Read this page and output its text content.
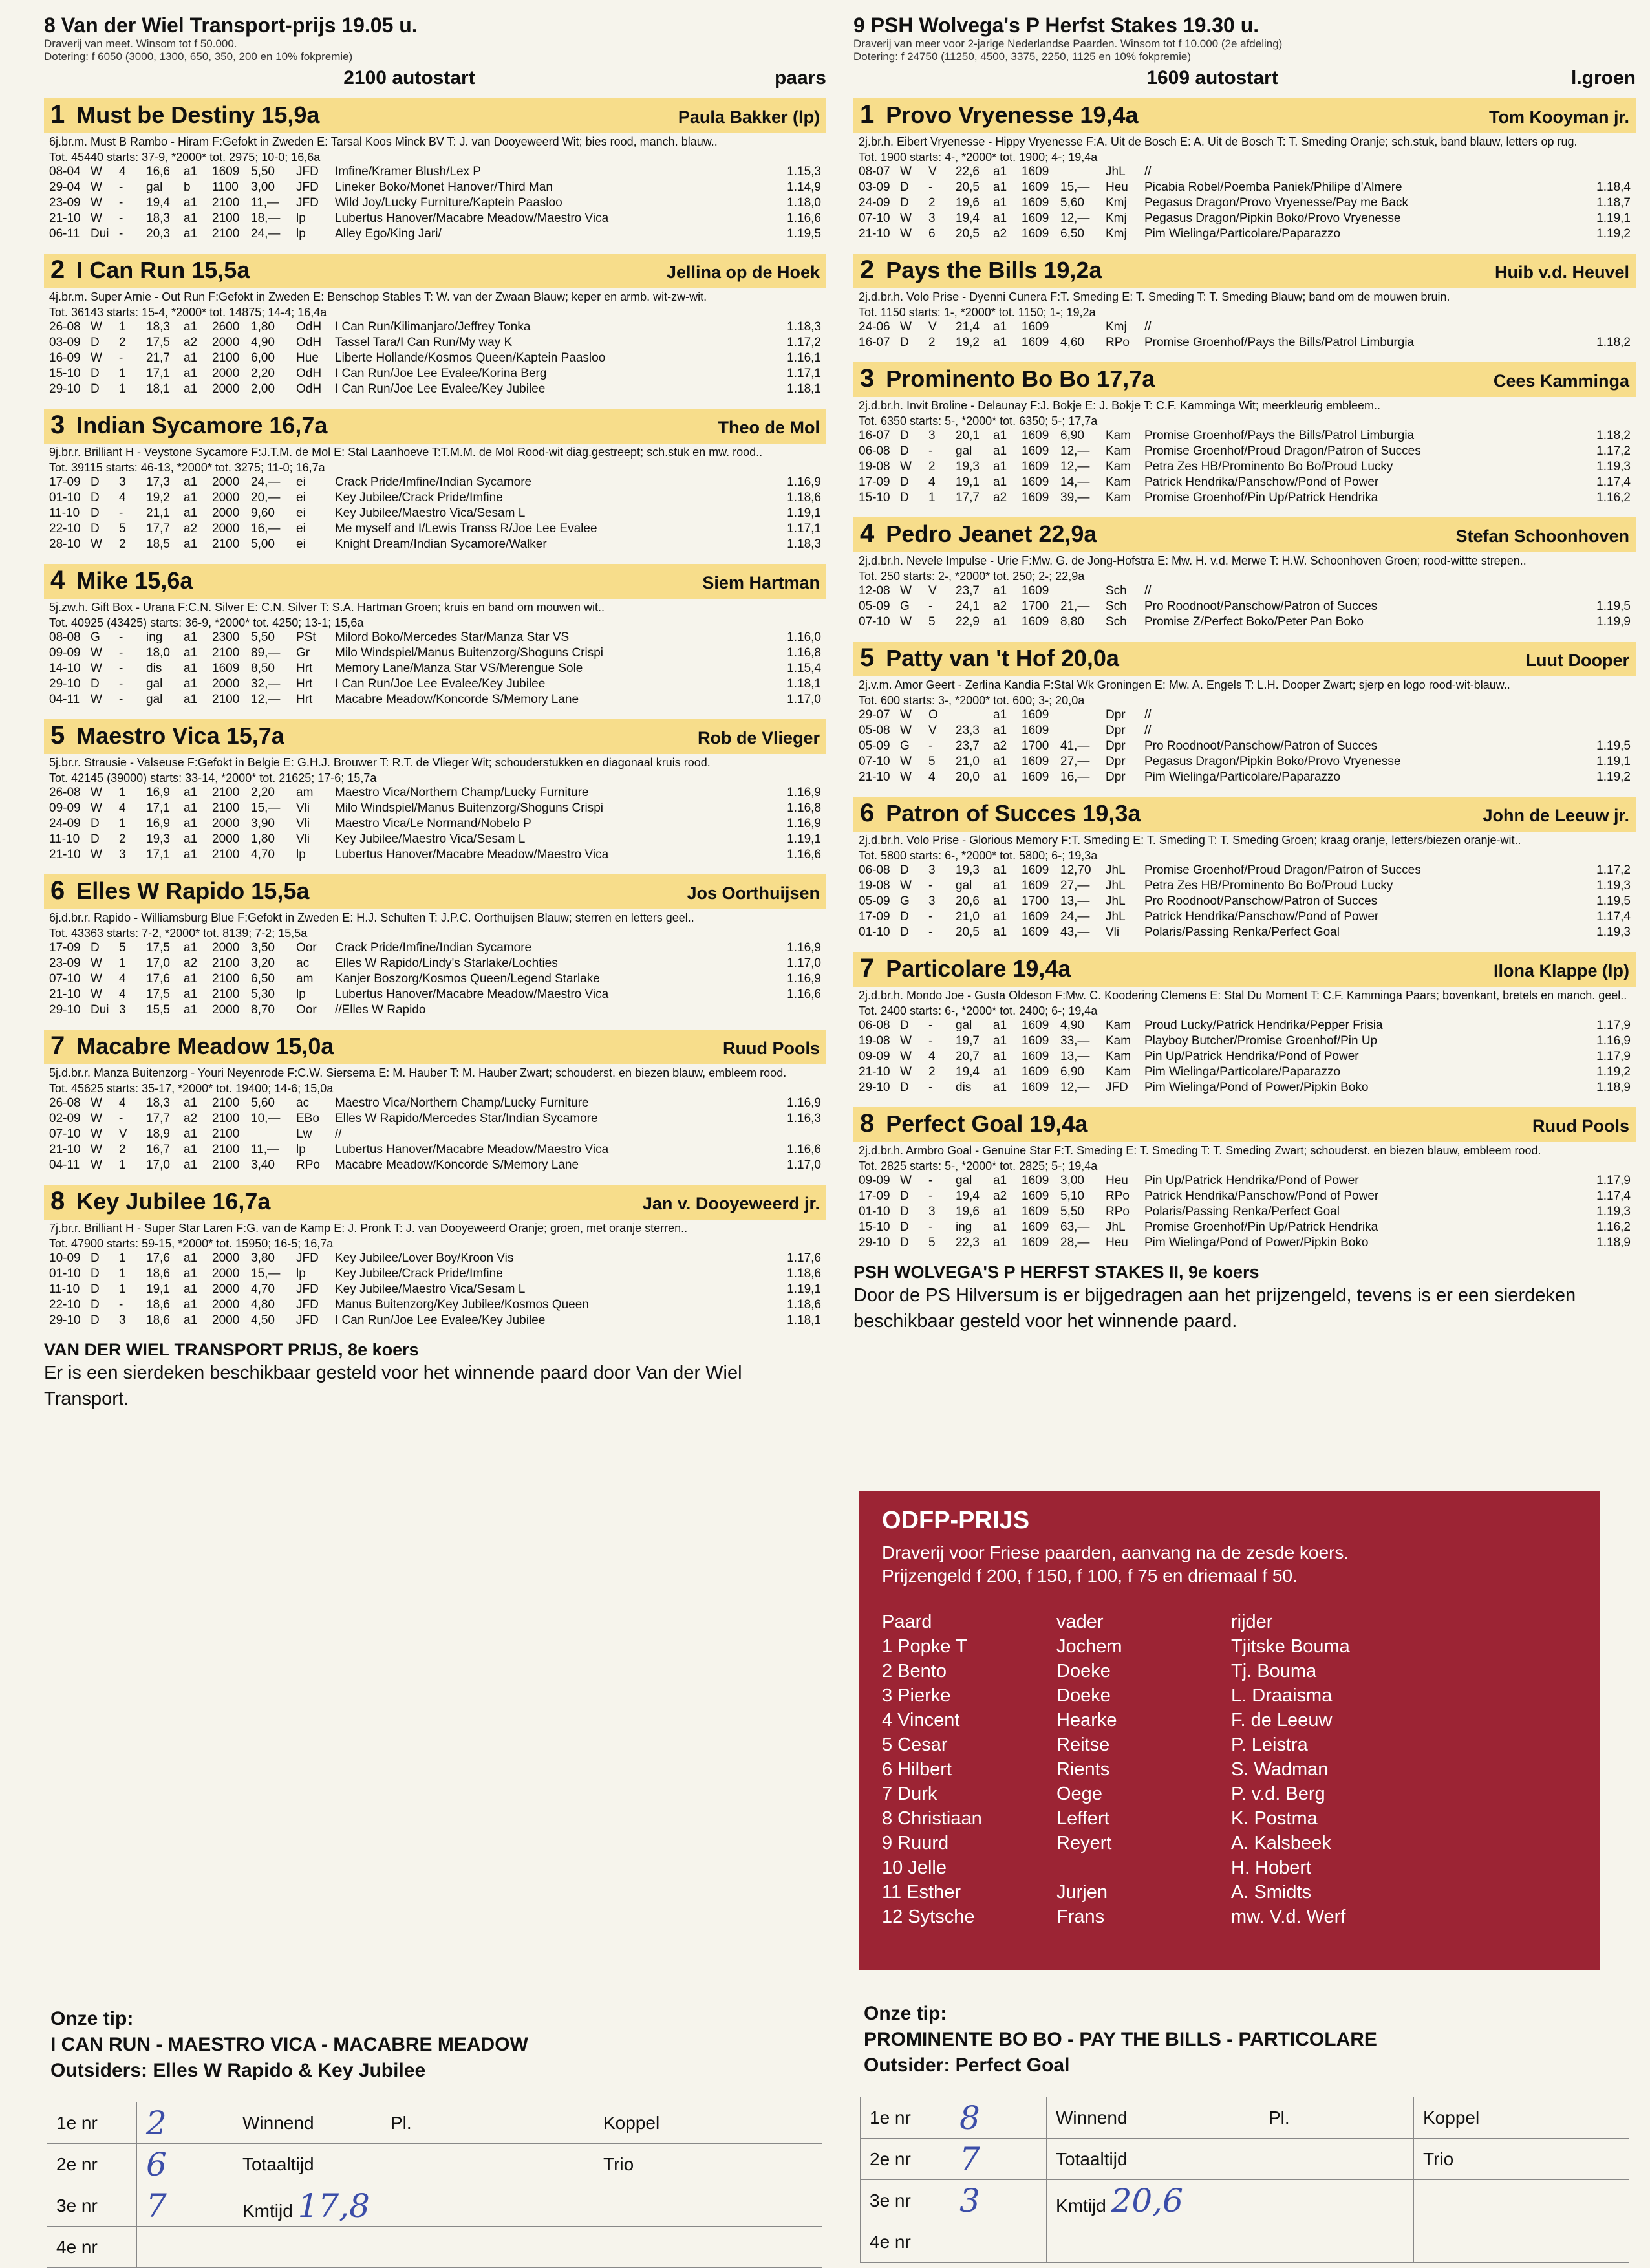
8 Van der Wiel Transport-prijs 19.05 u.
Draverij van meet. Winsom tot f 50.000.
Dotering: f 6050 (3000, 1300, 650, 350, 200 en 10% fokpremie)
2100 autostart	paars
1 Must be Destiny 15,9a	Paula Bakker (lp)
6j.br.m. Must B Rambo - Hiram F:Gefokt in Zweden E: Tarsal Koos Minck BV T: J. van Dooyeweerd Wit; bies rood, manch. blauw..
Tot. 45440 starts: 37-9, *2000* tot. 2975; 10-0; 16,6a
08-04 W	4	16,6	a1	1609 5,50	JFD	Imfine/Kramer Blush/Lex P	1.15,3
29-04 W	-	gal	b	1100	3,00	JFD	Lineker Boko/Monet Hanover/Third Man	1.14,9
23-09 W	-	19,4	a1	2100 11,—	JFD	Wild Joy/Lucky Furniture/Kaptein Paasloo	1.18,0
21-10 W	-	18,3	a1	2100 18,—	lp	Lubertus Hanover/Macabre Meadow/Maestro Vica	1.16,6
06-11 Dui -	20,3	a1	2100 24,—	lp	Alley Ego/King Jari/	1.19,5
2 I Can Run 15,5a	Jellina op de Hoek
4j.br.m. Super Arnie - Out Run F:Gefokt in Zweden E: Benschop Stables T: W. van der Zwaan Blauw; keper en armb. wit-zw-wit.
Tot. 36143 starts: 15-4, *2000* tot. 14875; 14-4; 16,4a
26-08 W	1	18,3	a1	2600 1,80	OdH	I Can Run/Kilimanjaro/Jeffrey Tonka	1.18,3
03-09 D	2	17,5	a2	2000 4,90	OdH	Tassel Tara/I Can Run/My way K	1.17,2
16-09 W	-	21,7	a1	2100 6,00	Hue	Liberte Hollande/Kosmos Queen/Kaptein Paasloo	1.16,1
15-10 D	1	17,1	a1	2000 2,20	OdH	I Can Run/Joe Lee Evalee/Korina Berg	1.17,1
29-10 D	1	18,1	a1	2000 2,00	OdH	I Can Run/Joe Lee Evalee/Key Jubilee	1.18,1
3 Indian Sycamore 16,7a	Theo de Mol
9j.br.r. Brilliant H - Veystone Sycamore F:J.T.M. de Mol E: Stal Laanhoeve T:T.M.M. de Mol Rood-wit diag.gestreept; sch.stuk en mw. rood..
Tot. 39115 starts: 46-13, *2000* tot. 3275; 11-0; 16,7a
17-09 D	3	17,3	a1	2000 24,—	ei	Crack Pride/Imfine/Indian Sycamore	1.16,9
01-10 D	4	19,2	a1	2000 20,—	ei	Key Jubilee/Crack Pride/Imfine	1.18,6
11-10 D	-	21,1	a1	2000 9,60	ei	Key Jubilee/Maestro Vica/Sesam L	1.19,1
22-10 D	5	17,7	a2	2000 16,—	ei	Me myself and I/Lewis Transs R/Joe Lee Evalee	1.17,1
28-10 W	2	18,5	a1	2100 5,00	ei	Knight Dream/Indian Sycamore/Walker	1.18,3
4 Mike 15,6a	Siem Hartman
5j.zw.h. Gift Box - Urana F:C.N. Silver E: C.N. Silver T: S.A. Hartman Groen; kruis en band om mouwen wit..
Tot. 40925 (43425) starts: 36-9, *2000* tot. 4250; 13-1; 15,6a
08-08 G	-	ing	a1	2300 5,50	PSt	Milord Boko/Mercedes Star/Manza Star VS	1.16,0
09-09 W	-	18,0	a1	2100 89,—	Gr	Milo Windspiel/Manus Buitenzorg/Shoguns Crispi	1.16,8
14-10 W	-	dis	a1	1609 8,50	Hrt	Memory Lane/Manza Star VS/Merengue Sole	1.15,4
29-10 D	-	gal	a1	2000 32,—	Hrt	I Can Run/Joe Lee Evalee/Key Jubilee	1.18,1
04-11 W	-	gal	a1	2100 12,—	Hrt	Macabre Meadow/Koncorde S/Memory Lane	1.17,0
5 Maestro Vica 15,7a	Rob de Vlieger
5j.br.r. Strausie - Valseuse F:Gefokt in Belgie E: G.H.J. Brouwer T: R.T. de Vlieger Wit; schouderstukken en diagonaal kruis rood.
Tot. 42145 (39000) starts: 33-14, *2000* tot. 21625; 17-6; 15,7a
26-08 W	1	16,9	a1	2100 2,20	am	Maestro Vica/Northern Champ/Lucky Furniture	1.16,9
09-09 W	4	17,1	a1	2100 15,—	Vli	Milo Windspiel/Manus Buitenzorg/Shoguns Crispi	1.16,8
24-09 D	1	16,9	a1	2000 3,90	Vli	Maestro Vica/Le Normand/Nobelo P	1.16,9
11-10 D	2	19,3	a1	2000 1,80	Vli	Key Jubilee/Maestro Vica/Sesam L	1.19,1
21-10 W	3	17,1	a1	2100 4,70	lp	Lubertus Hanover/Macabre Meadow/Maestro Vica	1.16,6
6 Elles W Rapido 15,5a	Jos Oorthuijsen
6j.d.br.r. Rapido - Williamsburg Blue F:Gefokt in Zweden E: H.J. Schulten T: J.P.C. Oorthuijsen Blauw; sterren en letters geel..
Tot. 43363 starts: 7-2, *2000* tot. 8139; 7-2; 15,5a
17-09 D	5	17,5	a1	2000 3,50	Oor	Crack Pride/Imfine/Indian Sycamore	1.16,9
23-09 W	1	17,0	a2	2100 3,20	ac	Elles W Rapido/Lindy's Starlake/Lochties	1.17,0
07-10 W	4	17,6	a1	2100 6,50	am	Kanjer Boszorg/Kosmos Queen/Legend Starlake	1.16,9
21-10 W	4	17,5	a1	2100 5,30	lp	Lubertus Hanover/Macabre Meadow/Maestro Vica	1.16,6
29-10 Dui 3	15,5	a1	2000 8,70	Oor	//Elles W Rapido
7 Macabre Meadow 15,0a	Ruud Pools
5j.d.br.r. Manza Buitenzorg - Youri Neyenrode F:C.W. Siersema E: M. Hauber T: M. Hauber Zwart; schouderst. en biezen blauw, embleem rood.
Tot. 45625 starts: 35-17, *2000* tot. 19400; 14-6; 15,0a
26-08 W	4	18,3	a1	2100 5,60	ac	Maestro Vica/Northern Champ/Lucky Furniture	1.16,9
02-09 W	-	17,7	a2	2100 10,—	EBo	Elles W Rapido/Mercedes Star/Indian Sycamore	1.16,3
07-10 W	V	18,9	a1	2100	Lw	//
21-10 W	2	16,7	a1	2100 11,—	lp	Lubertus Hanover/Macabre Meadow/Maestro Vica	1.16,6
04-11 W	1	17,0	a1	2100 3,40	RPo	Macabre Meadow/Koncorde S/Memory Lane	1.17,0
8 Key Jubilee 16,7a	Jan v. Dooyeweerd jr.
7j.br.r. Brilliant H - Super Star Laren F:G. van de Kamp E: J. Pronk T: J. van Dooyeweerd Oranje; groen, met oranje sterren..
Tot. 47900 starts: 59-15, *2000* tot. 15950; 16-5; 16,7a
10-09 D	1	17,6	a1	2000 3,80	JFD	Key Jubilee/Lover Boy/Kroon Vis	1.17,6
01-10 D	1	18,6	a1	2000 15,—	lp	Key Jubilee/Crack Pride/Imfine	1.18,6
11-10 D	1	19,1	a1	2000 4,70	JFD	Key Jubilee/Maestro Vica/Sesam L	1.19,1
22-10 D	-	18,6	a1	2000 4,80	JFD	Manus Buitenzorg/Key Jubilee/Kosmos Queen	1.18,6
29-10 D	3	18,6	a1	2000 4,50	JFD	I Can Run/Joe Lee Evalee/Key Jubilee	1.18,1
VAN DER WIEL TRANSPORT PRIJS, 8e koers
Er is een sierdeken beschikbaar gesteld voor het winnende paard door Van der Wiel Transport.
9 PSH Wolvega's P Herfst Stakes 19.30 u.
Draverij van meer voor 2-jarige Nederlandse Paarden. Winsom tot f 10.000 (2e afdeling)
Dotering: f 24750 (11250, 4500, 3375, 2250, 1125 en 10% fokpremie)
1609 autostart	l.groen
1 Provo Vryenesse 19,4a	Tom Kooyman jr.
2j.br.h. Eibert Vryenesse - Hippy Vryenesse F:A. Uit de Bosch E: A. Uit de Bosch T: T. Smeding Oranje; sch.stuk, band blauw, letters op rug.
Tot. 1900 starts: 4-, *2000* tot. 1900; 4-; 19,4a
08-07 W	V	22,6	a1	1609	JhL	//
03-09 D	-	20,5	a1	1609 15,—	Heu	Picabia Robel/Poemba Paniek/Philipe d'Almere	1.18,4
24-09 D	2	19,6	a1	1609 5,60	Kmj	Pegasus Dragon/Provo Vryenesse/Pay me Back	1.18,7
07-10 W	3	19,4	a1	1609 12,—	Kmj	Pegasus Dragon/Pipkin Boko/Provo Vryenesse	1.19,1
21-10 W	6	20,5	a2	1609 6,50	Kmj	Pim Wielinga/Particolare/Paparazzo	1.19,2
2 Pays the Bills 19,2a	Huib v.d. Heuvel
2j.d.br.h. Volo Prise - Dyenni Cunera F:T. Smeding E: T. Smeding T: T. Smeding Blauw; band om de mouwen bruin.
Tot. 1150 starts: 1-, *2000* tot. 1150; 1-; 19,2a
24-06 W	V	21,4	a1	1609	Kmj	//
16-07 D	2	19,2	a1	1609 4,60	RPo	Promise Groenhof/Pays the Bills/Patrol Limburgia	1.18,2
3 Prominento Bo Bo 17,7a	Cees Kamminga
2j.d.br.h. Invit Broline - Delaunay F:J. Bokje E: J. Bokje T: C.F. Kamminga Wit; meerkleurig embleem..
Tot. 6350 starts: 5-, *2000* tot. 6350; 5-; 17,7a
16-07 D	3	20,1	a1	1609 6,90	Kam	Promise Groenhof/Pays the Bills/Patrol Limburgia	1.18,2
06-08 D	-	gal	a1	1609 12,—	Kam	Promise Groenhof/Proud Dragon/Patron of Succes	1.17,2
19-08 W	2	19,3	a1	1609 12,—	Kam	Petra Zes HB/Prominento Bo Bo/Proud Lucky	1.19,3
17-09 D	4	19,1	a1	1609 14,—	Kam	Patrick Hendrika/Panschow/Pond of Power	1.17,4
15-10 D	1	17,7	a2	1609 39,—	Kam	Promise Groenhof/Pin Up/Patrick Hendrika	1.16,2
4 Pedro Jeanet 22,9a	Stefan Schoonhoven
2j.d.br.h. Nevele Impulse - Urie F:Mw. G. de Jong-Hofstra E: Mw. H. v.d. Merwe T: H.W. Schoonhoven Groen; rood-wittte strepen..
Tot. 250 starts: 2-, *2000* tot. 250; 2-; 22,9a
12-08 W	V	23,7	a1	1609	Sch	//
05-09 G	-	24,1	a2	1700 21,—	Sch	Pro Roodnoot/Panschow/Patron of Succes	1.19,5
07-10 W	5	22,9	a1	1609 8,80	Sch	Promise Z/Perfect Boko/Peter Pan Boko	1.19,9
5 Patty van 't Hof 20,0a	Luut Dooper
2j.v.m. Amor Geert - Zerlina Kandia F:Stal Wk Groningen E: Mw. A. Engels T: L.H. Dooper Zwart; sjerp en logo rood-wit-blauw..
Tot. 600 starts: 3-, *2000* tot. 600; 3-; 20,0a
29-07 W	O	a1	1609	Dpr	//
05-08 W	V	23,3	a1	1609	Dpr	//
05-09 G	-	23,7	a2	1700 41,—	Dpr	Pro Roodnoot/Panschow/Patron of Succes	1.19,5
07-10 W	5	21,0	a1	1609 27,—	Dpr	Pegasus Dragon/Pipkin Boko/Provo Vryenesse	1.19,1
21-10 W	4	20,0	a1	1609 16,—	Dpr	Pim Wielinga/Particolare/Paparazzo	1.19,2
6 Patron of Succes 19,3a	John de Leeuw jr.
2j.d.br.h. Volo Prise - Glorious Memory F:T. Smeding E: T. Smeding T: T. Smeding Groen; kraag oranje, letters/biezen oranje-wit..
Tot. 5800 starts: 6-, *2000* tot. 5800; 6-; 19,3a
06-08 D	3	19,3	a1	1609 12,70	JhL	Promise Groenhof/Proud Dragon/Patron of Succes	1.17,2
19-08 W	-	gal	a1	1609 27,—	JhL	Petra Zes HB/Prominento Bo Bo/Proud Lucky	1.19,3
05-09 G	3	20,6	a1	1700 13,—	JhL	Pro Roodnoot/Panschow/Patron of Succes	1.19,5
17-09 D	-	21,0	a1	1609 24,—	JhL	Patrick Hendrika/Panschow/Pond of Power	1.17,4
01-10 D	-	20,5	a1	1609 43,—	Vli	Polaris/Passing Renka/Perfect Goal	1.19,3
7 Particolare 19,4a	Ilona Klappe (lp)
2j.d.br.h. Mondo Joe - Gusta Oldeson F:Mw. C. Koodering Clemens E: Stal Du Moment T: C.F. Kamminga Paars; bovenkant, bretels en manch. geel..
Tot. 2400 starts: 6-, *2000* tot. 2400; 6-; 19,4a
06-08 D	-	gal	a1	1609 4,90	Kam	Proud Lucky/Patrick Hendrika/Pepper Frisia	1.17,9
19-08 W	-	19,7	a1	1609 33,—	Kam	Playboy Butcher/Promise Groenhof/Pin Up	1.16,9
09-09 W	4	20,7	a1	1609 13,—	Kam	Pin Up/Patrick Hendrika/Pond of Power	1.17,9
21-10 W	2	19,4	a1	1609 6,90	Kam	Pim Wielinga/Particolare/Paparazzo	1.19,2
29-10 D	-	dis	a1	1609 12,—	JFD	Pim Wielinga/Pond of Power/Pipkin Boko	1.18,9
8 Perfect Goal 19,4a	Ruud Pools
2j.d.br.h. Armbro Goal - Genuine Star F:T. Smeding E: T. Smeding T: T. Smeding Zwart; schouderst. en biezen blauw, embleem rood.
Tot. 2825 starts: 5-, *2000* tot. 2825; 5-; 19,4a
09-09 W	-	gal	a1	1609 3,00	Heu	Pin Up/Patrick Hendrika/Pond of Power	1.17,9
17-09 D	-	19,4	a2	1609 5,10	RPo	Patrick Hendrika/Panschow/Pond of Power	1.17,4
01-10 D	3	19,6	a1	1609 5,50	RPo	Polaris/Passing Renka/Perfect Goal	1.19,3
15-10 D	-	ing	a1	1609 63,—	JhL	Promise Groenhof/Pin Up/Patrick Hendrika	1.16,2
29-10 D	5	22,3	a1	1609 28,—	Heu	Pim Wielinga/Pond of Power/Pipkin Boko	1.18,9
PSH WOLVEGA'S P HERFST STAKES II, 9e koers
Door de PS Hilversum is er bijgedragen aan het prijzengeld, tevens is er een sierdeken beschikbaar gesteld voor het winnende paard.
ODFP-PRIJS
Draverij voor Friese paarden, aanvang na de zesde koers.
Prijzengeld f 200, f 150, f 100, f 75 en driemaal f 50.
Paard	vader	rijder
1 Popke T	Jochem	Tjitske Bouma
2 Bento	Doeke	Tj. Bouma
3 Pierke	Doeke	L. Draaisma
4 Vincent	Hearke	F. de Leeuw
5 Cesar	Reitse	P. Leistra
6 Hilbert	Rients	S. Wadman
7 Durk	Oege	P. v.d. Berg
8 Christiaan	Leffert	K. Postma
9 Ruurd	Reyert	A. Kalsbeek
10 Jelle		H. Hobert
11 Esther	Jurjen	A. Smidts
12 Sytsche	Frans	mw. V.d. Werf
Onze tip:
I CAN RUN - MAESTRO VICA - MACABRE MEADOW
Outsiders: Elles W Rapido & Key Jubilee
Onze tip:
PROMINENTE BO BO - PAY THE BILLS - PARTICOLARE
Outsider: Perfect Goal
1e nr	2	Winnend	Pl.	Koppel
2e nr	6	Totaaltijd		Trio
3e nr	7	Kmtijd 17,8		
4e nr				
1e nr	8	Winnend	Pl.	Koppel
2e nr	7	Totaaltijd		Trio
3e nr	3	Kmtijd 20,6		
4e nr				
